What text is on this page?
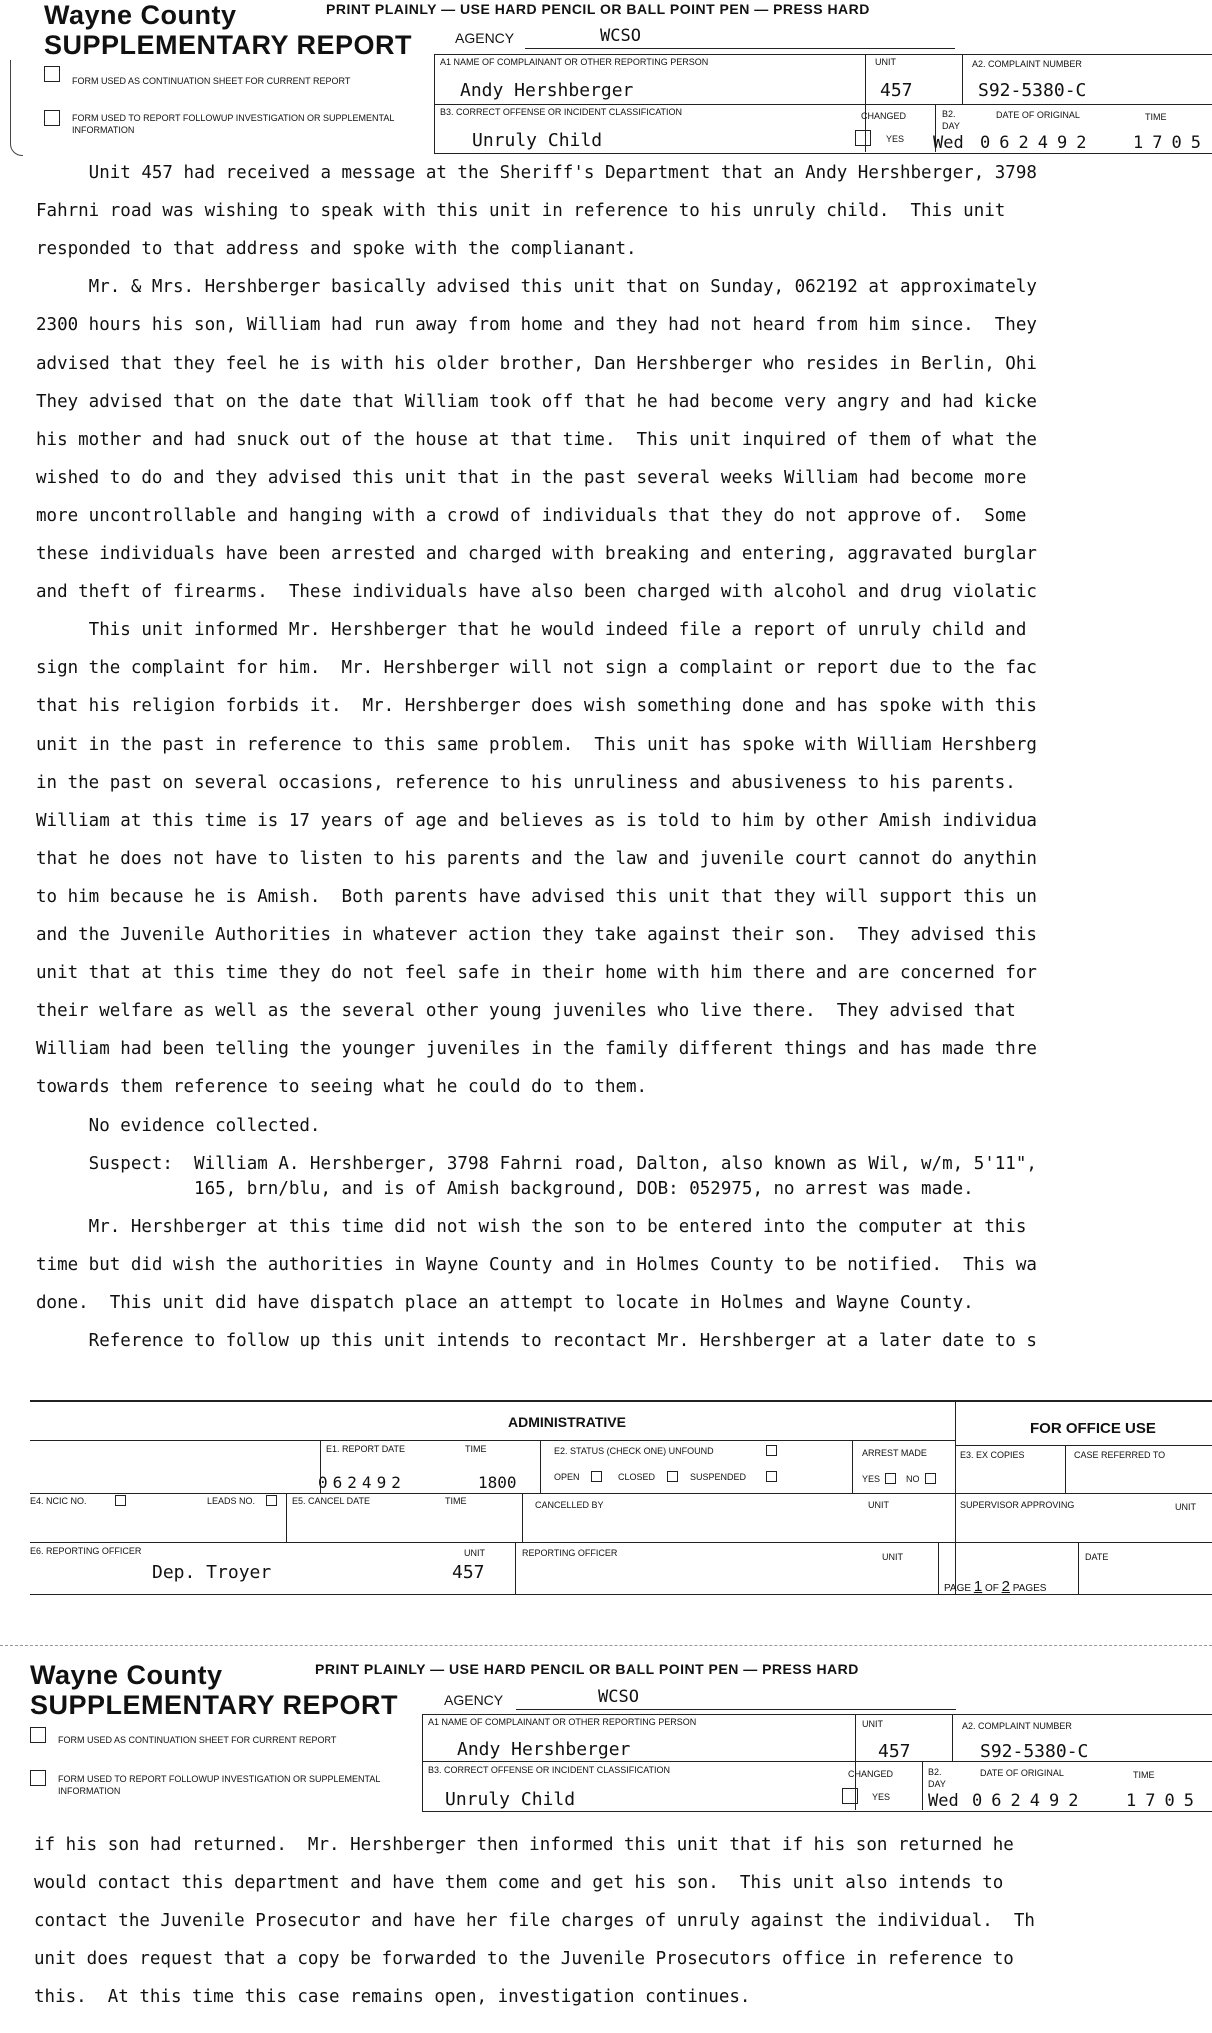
Wayne County
SUPPLEMENTARY REPORT
PRINT PLAINLY — USE HARD PENCIL OR BALL POINT PEN — PRESS HARD
AGENCY	WCSO
FORM USED AS CONTINUATION SHEET FOR CURRENT REPORT
FORM USED TO REPORT FOLLOWUP INVESTIGATION OR SUPPLEMENTAL INFORMATION
A1 NAME OF COMPLAINANT OR OTHER REPORTING PERSON
Andy Hershberger
UNIT
457
A2. COMPLAINT NUMBER
S92-5380-C
B3. CORRECT OFFENSE OR INCIDENT CLASSIFICATION
Unruly Child
CHANGED
YES
B2.
DAY
DATE OF ORIGINAL	TIME
Wed 062492 1705
Unit 457 had received a message at the Sheriff's Department that an Andy Hershberger, 3798
Fahrni road was wishing to speak with this unit in reference to his unruly child.  This unit
responded to that address and spoke with the complianant.
Mr. & Mrs. Hershberger basically advised this unit that on Sunday, 062192 at approximately
2300 hours his son, William had run away from home and they had not heard from him since.  They
advised that they feel he is with his older brother, Dan Hershberger who resides in Berlin, Ohi
They advised that on the date that William took off that he had become very angry and had kicke
his mother and had snuck out of the house at that time.  This unit inquired of them of what the
wished to do and they advised this unit that in the past several weeks William had become more
more uncontrollable and hanging with a crowd of individuals that they do not approve of.  Some
these individuals have been arrested and charged with breaking and entering, aggravated burglar
and theft of firearms.  These individuals have also been charged with alcohol and drug violatic
This unit informed Mr. Hershberger that he would indeed file a report of unruly child and
sign the complaint for him.  Mr. Hershberger will not sign a complaint or report due to the fac
that his religion forbids it.  Mr. Hershberger does wish something done and has spoke with this
unit in the past in reference to this same problem.  This unit has spoke with William Hershberg
in the past on several occasions, reference to his unruliness and abusiveness to his parents.
William at this time is 17 years of age and believes as is told to him by other Amish individua
that he does not have to listen to his parents and the law and juvenile court cannot do anythin
to him because he is Amish.  Both parents have advised this unit that they will support this un
and the Juvenile Authorities in whatever action they take against their son.  They advised this
unit that at this time they do not feel safe in their home with him there and are concerned for
their welfare as well as the several other young juveniles who live there.  They advised that
William had been telling the younger juveniles in the family different things and has made thre
towards them reference to seeing what he could do to them.
No evidence collected.
Suspect:  William A. Hershberger, 3798 Fahrni road, Dalton, also known as Wil, w/m, 5'11",
165, brn/blu, and is of Amish background, DOB: 052975, no arrest was made.
Mr. Hershberger at this time did not wish the son to be entered into the computer at this
time but did wish the authorities in Wayne County and in Holmes County to be notified.  This wa
done.  This unit did have dispatch place an attempt to locate in Holmes and Wayne County.
Reference to follow up this unit intends to recontact Mr. Hershberger at a later date to s
ADMINISTRATIVE	FOR OFFICE USE
E1. REPORT DATE	TIME
062492	1800
E2. STATUS (CHECK ONE) UNFOUND
OPEN	CLOSED	SUSPENDED
ARREST MADE
YES	NO
E3. EX COPIES	CASE REFERRED TO
E4. NCIC NO.	LEADS NO.	E5. CANCEL DATE	TIME	CANCELLED BY	UNIT	SUPERVISOR APPROVING	UNIT
E6. REPORTING OFFICER
Dep. Troyer
UNIT
457
REPORTING OFFICER	UNIT	DATE
PAGE 1 OF 2 PAGES
Wayne County
SUPPLEMENTARY REPORT
PRINT PLAINLY — USE HARD PENCIL OR BALL POINT PEN — PRESS HARD
AGENCY	WCSO
FORM USED AS CONTINUATION SHEET FOR CURRENT REPORT
FORM USED TO REPORT FOLLOWUP INVESTIGATION OR SUPPLEMENTAL INFORMATION
A1 NAME OF COMPLAINANT OR OTHER REPORTING PERSON
Andy Hershberger
UNIT
457
A2. COMPLAINT NUMBER
S92-5380-C
B3. CORRECT OFFENSE OR INCIDENT CLASSIFICATION
Unruly Child
CHANGED
YES
B2.
DAY
DATE OF ORIGINAL	TIME
Wed 062492 1705
if his son had returned.  Mr. Hershberger then informed this unit that if his son returned he
would contact this department and have them come and get his son.  This unit also intends to
contact the Juvenile Prosecutor and have her file charges of unruly against the individual.  Th
unit does request that a copy be forwarded to the Juvenile Prosecutors office in reference to
this.  At this time this case remains open, investigation continues.
